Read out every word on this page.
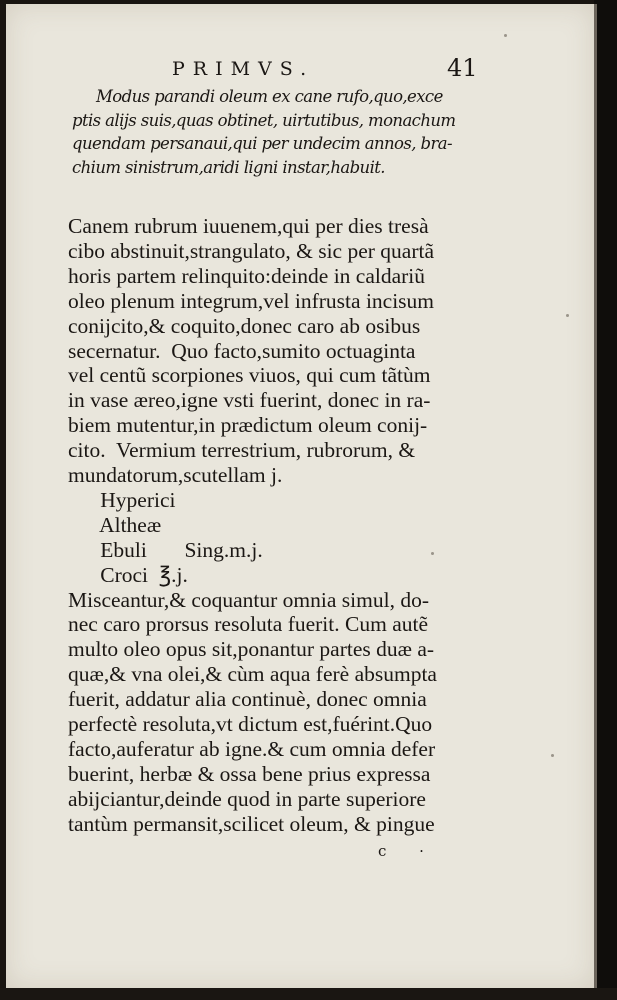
PRIMVS.	41
Modus parandi oleum ex cane rufo,quo,exce
ptis alijs suis,quas obtinet, uirtutibus, monachum
quendam persanaui,qui per undecim annos, bra-
chium sinistrum,aridi ligni instar,habuit.
Canem rubrum iuuenem,qui per dies tresà
cibo abstinuit,strangulato, & sic per quartã
horis partem relinquito:deinde in caldariũ
oleo plenum integrum,vel infrusta incisum
conijcito,& coquito,donec caro ab osibus
secernatur.  Quo facto,sumito octuaginta
vel centũ scorpiones viuos, qui cum tãtùm
in vase æreo,igne vsti fuerint, donec in ra-
biem mutentur,in prædictum oleum conij-
cito.  Vermium terrestrium, rubrorum, &
mundatorum,scutellam j.
Hyperici
Altheæ
Ebuli       Sing.m.j.
Croci  ℥.j.
Misceantur,& coquantur omnia simul, do-
nec caro prorsus resoluta fuerit. Cum autẽ
multo oleo opus sit,ponantur partes duæ a-
quæ,& vna olei,& cùm aqua ferè absumpta
fuerit, addatur alia continuè, donec omnia
perfectè resoluta,vt dictum est,fuérint.Quo
facto,auferatur ab igne.& cum omnia defer
buerint, herbæ & ossa bene prius expressa
abijciantur,deinde quod in parte superiore
tantùm permansit,scilicet oleum, & pingue
c ·
